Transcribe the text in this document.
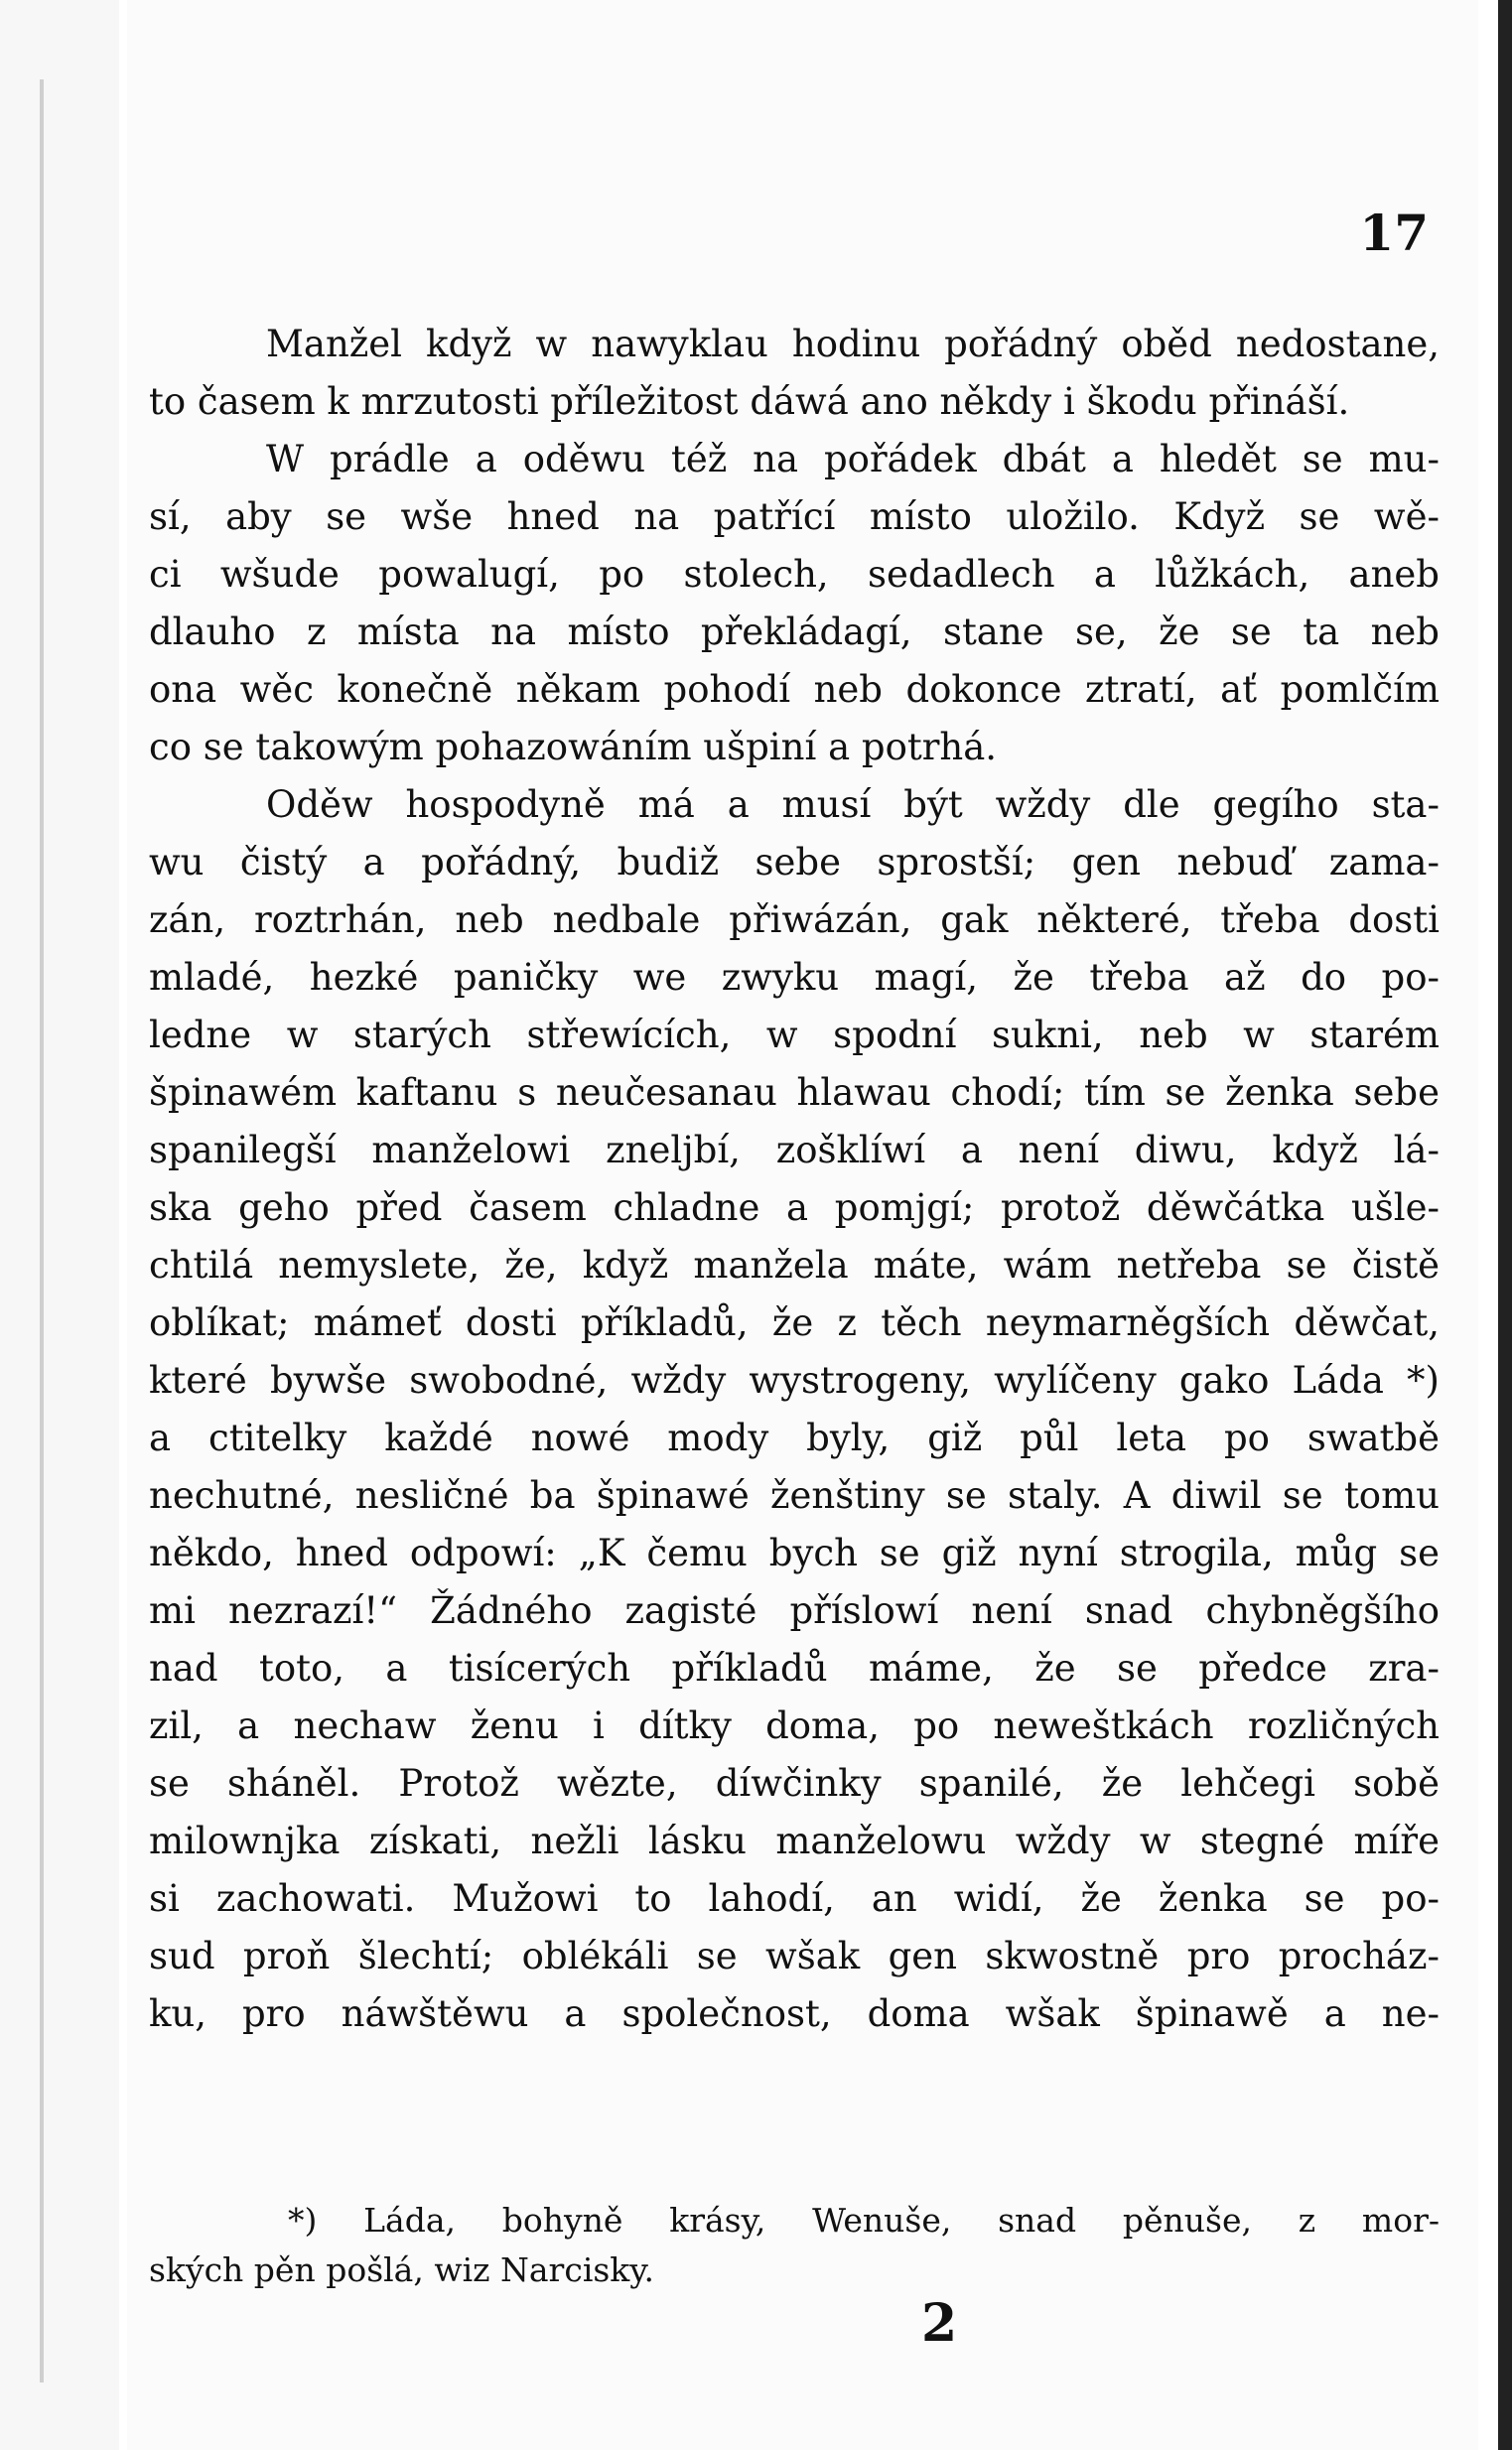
17
Manžel když w nawyklau hodinu pořádný oběd nedostane,
to časem k mrzutosti příležitost dáwá ano někdy i škodu přináší.
W prádle a oděwu též na pořádek dbát a hledět se mu-
sí, aby se wše hned na patřící místo uložilo. Když se wě-
ci wšude powalugí, po stolech, sedadlech a lůžkách, aneb
dlauho z místa na místo překládagí, stane se, že se ta neb
ona wěc konečně někam pohodí neb dokonce ztratí, ať pomlčím
co se takowým pohazowáním ušpiní a potrhá.
Oděw hospodyně má a musí být wždy dle gegího sta-
wu čistý a pořádný, budiž sebe sprostší; gen nebuď zama-
zán, roztrhán, neb nedbale přiwázán, gak některé, třeba dosti
mladé, hezké paničky we zwyku magí, že třeba až do po-
ledne w starých střewících, w spodní sukni, neb w starém
špinawém kaftanu s neučesanau hlawau chodí; tím se ženka sebe
spanilegší manželowi zneljbí, zošklíwí a není diwu, když lá-
ska geho před časem chladne a pomjgí; protož děwčátka ušle-
chtilá nemyslete, že, když manžela máte, wám netřeba se čistě
oblíkat; mámeť dosti příkladů, že z těch neymarněgších děwčat,
které bywše swobodné, wždy wystrogeny, wylíčeny gako Láda *)
a ctitelky každé nowé mody byly, giž půl leta po swatbě
nechutné, nesličné ba špinawé ženštiny se staly. A diwil se tomu
někdo, hned odpowí: „K čemu bych se giž nyní strogila, můg se
mi nezrazí!“ Žádného zagisté příslowí není snad chybněgšího
nad toto, a tisícerých příkladů máme, že se předce zra-
zil, a nechaw ženu i dítky doma, po neweštkách rozličných
se sháněl. Protož wězte, díwčinky spanilé, že lehčegi sobě
milownjka získati, nežli lásku manželowu wždy w stegné míře
si zachowati. Mužowi to lahodí, an widí, že ženka se po-
sud proň šlechtí; oblékáli se wšak gen skwostně pro procház-
ku, pro náwštěwu a společnost, doma wšak špinawě a ne-
*) Láda, bohyně krásy, Wenuše, snad pěnuše, z mor-
ských pěn pošlá, wiz Narcisky.
2
